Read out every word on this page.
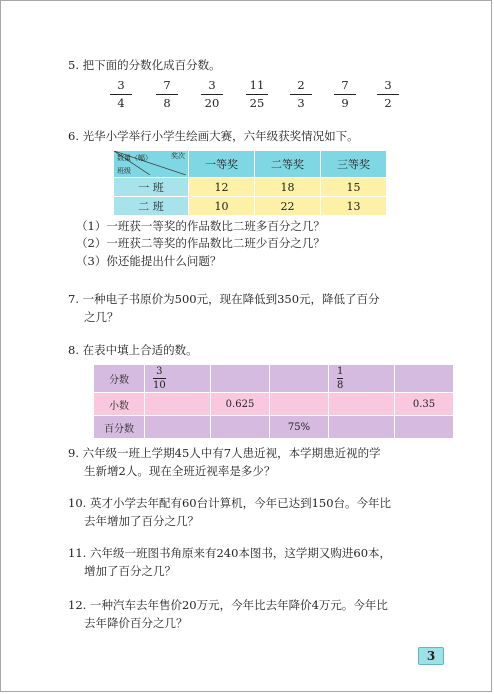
5. 把下面的分数化成百分数。
3
4
7
8
3
20
11
25
2
3
7
9
3
2
6. 光华小学举行小学生绘画大赛，六年级获奖情况如下。
奖次
数量（幅）
班级	一等奖	二等奖	三等奖
一 班	12	18	15
二 班	10	22	13
（1）一班获一等奖的作品数比二班多百分之几？
（2）一班获二等奖的作品数比二班少百分之几？
（3）你还能提出什么问题？
7. 一种电子书原价为500元，现在降低到350元，降低了百分
之几？
8. 在表中填上合适的数。
分数	$\frac{3}{10}$			$\frac{1}{8}$	
小数		0.625			0.35
百分数			75%		
9. 六年级一班上学期45人中有7人患近视，本学期患近视的学
生新增2人。现在全班近视率是多少？
10. 英才小学去年配有60台计算机，今年已达到150台。今年比
去年增加了百分之几？
11. 六年级一班图书角原来有240本图书，这学期又购进60本，
增加了百分之几？
12. 一种汽车去年售价20万元，今年比去年降价4万元。今年比
去年降价百分之几？
3
